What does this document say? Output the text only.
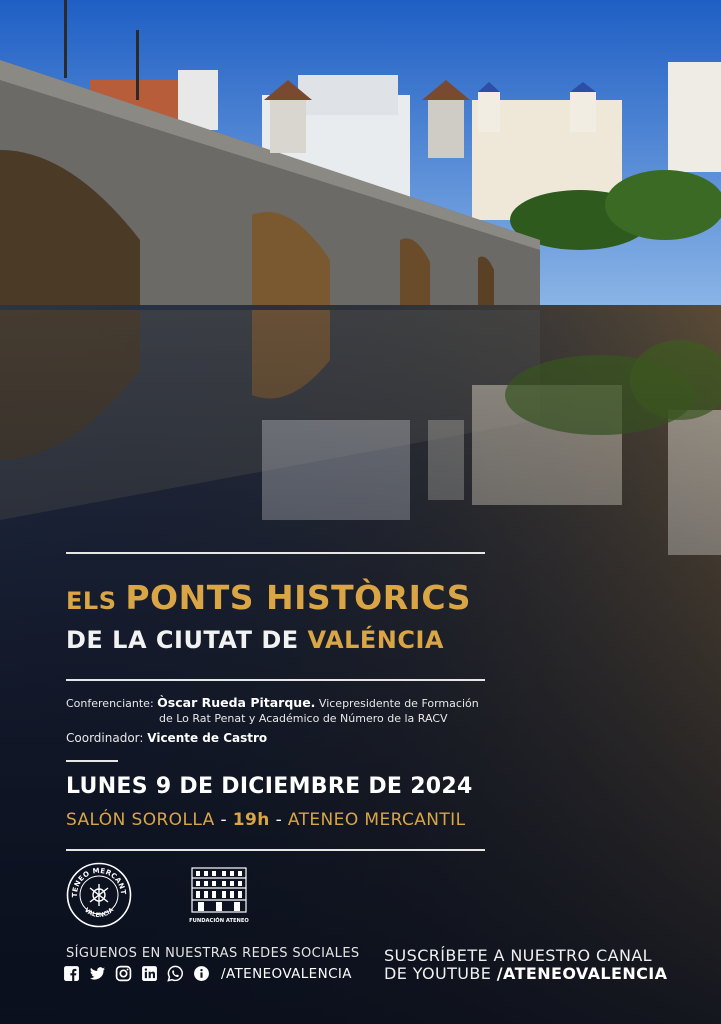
ELS PONTS HISTÒRICS
DE LA CIUTAT DE VALÉNCIA
Conferenciante: Òscar Rueda Pitarque. Vicepresidente de Formación
de Lo Rat Penat y Académico de Número de la RACV
Coordinador: Vicente de Castro
LUNES 9 DE DICIEMBRE DE 2024
SALÓN SOROLLA - 19h - ATENEO MERCANTIL
TENEO MERCANT
VALENCIA
FUNDACIÓN ATENEO
SÍGUENOS EN NUESTRAS REDES SOCIALES
/ATENEOVALENCIA
SUSCRÍBETE A NUESTRO CANAL
DE YOUTUBE /ATENEOVALENCIA
